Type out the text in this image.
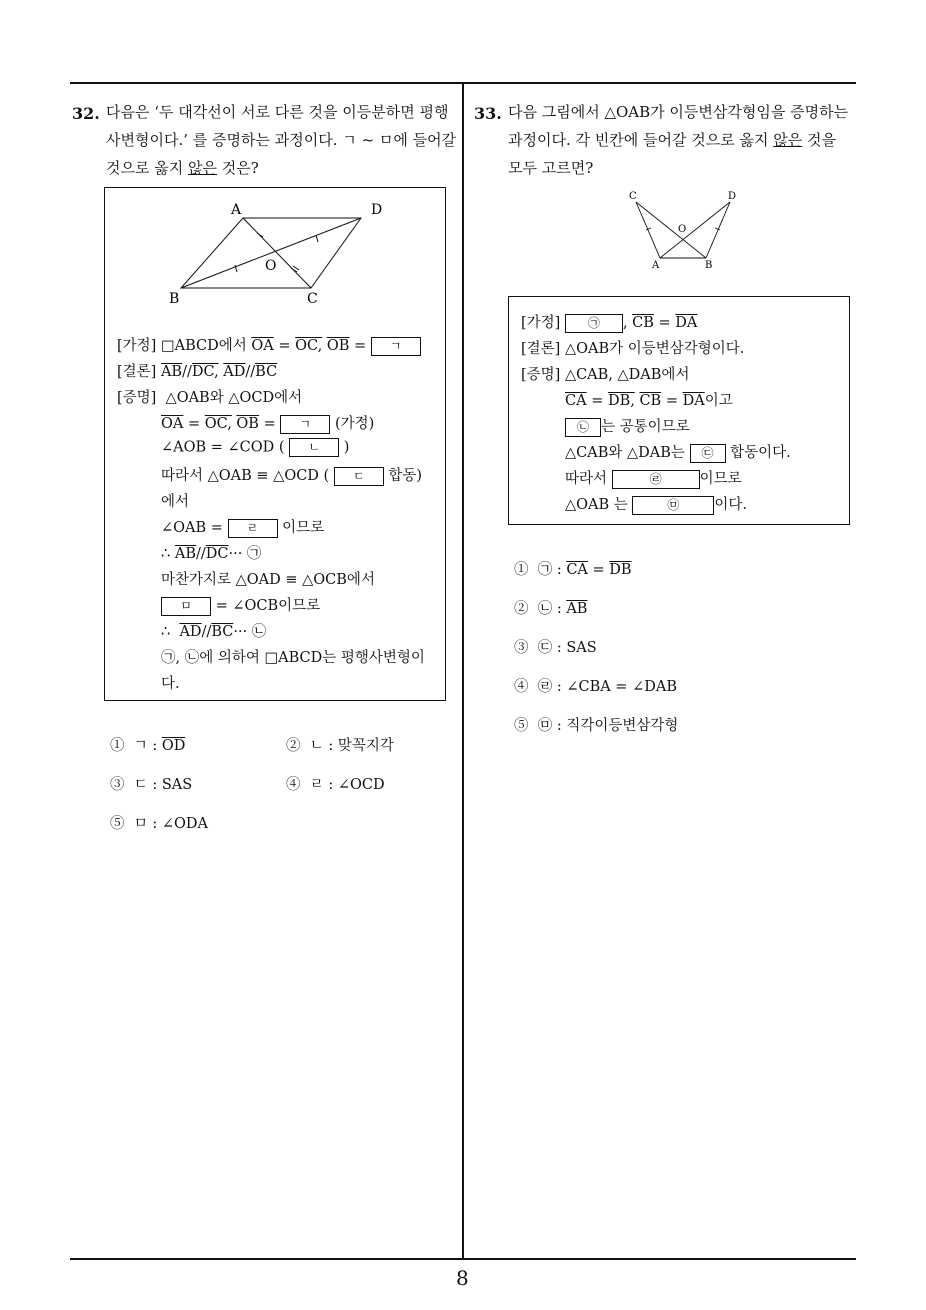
8
32. 다음은 ‘두 대각선이 서로 다른 것을 이등분하면 평행
사변형이다.’ 를 증명하는 과정이다. ㄱ ~ ㅁ에 들어갈
것으로 옳지 않은 것은?
A	D
B	C
O
[가정] □ABCD에서 $\overline{OA}$ = OC, $\overline{OB}$ = ㄱ
[결론] $\overline{AB}//DC$, $\overline{AD}//\overline{BC}$
[증명] △OAB와 △OCD에서
$\overline{OA}$ = OC, $\overline{OB}$ = ㄱ (가정)
∠AOB = ∠COD ( ㄴ )
따라서 △OAB ≡ △OCD ( ㄷ 합동)
에서
∠OAB = ㄹ 이므로
∴ $\overline{AB}//\overline{DC}\cdot\cdot\cdot$ ㉠
마찬가지로 △OAD ≡ △OCB에서
ㅁ = ∠OCB이므로
∴ $\overline{AD}//\overline{BC}\cdot\cdot\cdot$ ㉡
㉠, ㉡에 의하여 □ABCD는 평행사변형이
다.
① ㄱ : $\overline{OD}$	② ㄴ : 맞꼭지각
③ ㄷ : SAS	④ ㄹ : ∠OCD
⑤ ㅁ : ∠ODA
33. 다음 그림에서 △OAB가 이등변삼각형임을 증명하는
과정이다. 각 빈칸에 들어갈 것으로 옳지 않은 것을
모두 고르면?
C	D
A	B
O
[가정] ㉠ , $\overline{CB} = \overline{DA}$
[결론] △OAB가 이등변삼각형이다.
[증명] △CAB, △DAB에서
$\overline{CA}$ = DB, $\overline{CB} = \overline{DA}$이고
㉡ 는 공통이므로
△CAB와 △DAB는 ㉢ 합동이다.
따라서	㉣	이므로
△OAB 는	㉤ 이다.
① ㉠ : $\overline{CA} = \overline{DB}$
② ㉡ : $\overline{AB}$
③ ㉢ : SAS
④ ㉣ : ∠CBA = ∠DAB
⑤ ㉤ : 직각이등변삼각형
